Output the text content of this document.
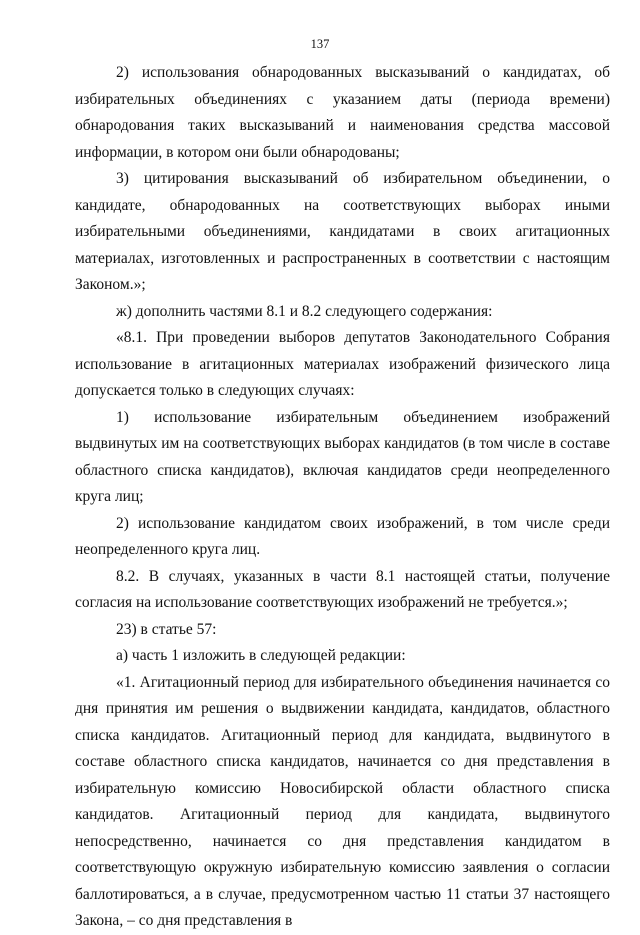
137

2) использования обнародованных высказываний о кандидатах, об избирательных объединениях с указанием даты (периода времени) обнародования таких высказываний и наименования средства массовой информации, в котором они были обнародованы;

3) цитирования высказываний об избирательном объединении, о кандидате, обнародованных на соответствующих выборах иными избирательными объединениями, кандидатами в своих агитационных материалах, изготовленных и распространенных в соответствии с настоящим Законом.»;

ж) дополнить частями 8.1 и 8.2 следующего содержания:

«8.1. При проведении выборов депутатов Законодательного Собрания использование в агитационных материалах изображений физического лица допускается только в следующих случаях:

1) использование избирательным объединением изображений выдвинутых им на соответствующих выборах кандидатов (в том числе в составе областного списка кандидатов), включая кандидатов среди неопределенного круга лиц;

2) использование кандидатом своих изображений, в том числе среди неопределенного круга лиц.

8.2. В случаях, указанных в части 8.1 настоящей статьи, получение согласия на использование соответствующих изображений не требуется.»;

23) в статье 57:

а) часть 1 изложить в следующей редакции:

«1. Агитационный период для избирательного объединения начинается со дня принятия им решения о выдвижении кандидата, кандидатов, областного списка кандидатов. Агитационный период для кандидата, выдвинутого в составе областного списка кандидатов, начинается со дня представления в избирательную комиссию Новосибирской области областного списка кандидатов. Агитационный период для кандидата, выдвинутого непосредственно, начинается со дня представления кандидатом в соответствующую окружную избирательную комиссию заявления о согласии баллотироваться, а в случае, предусмотренном частью 11 статьи 37 настоящего Закона, – со дня представления в
